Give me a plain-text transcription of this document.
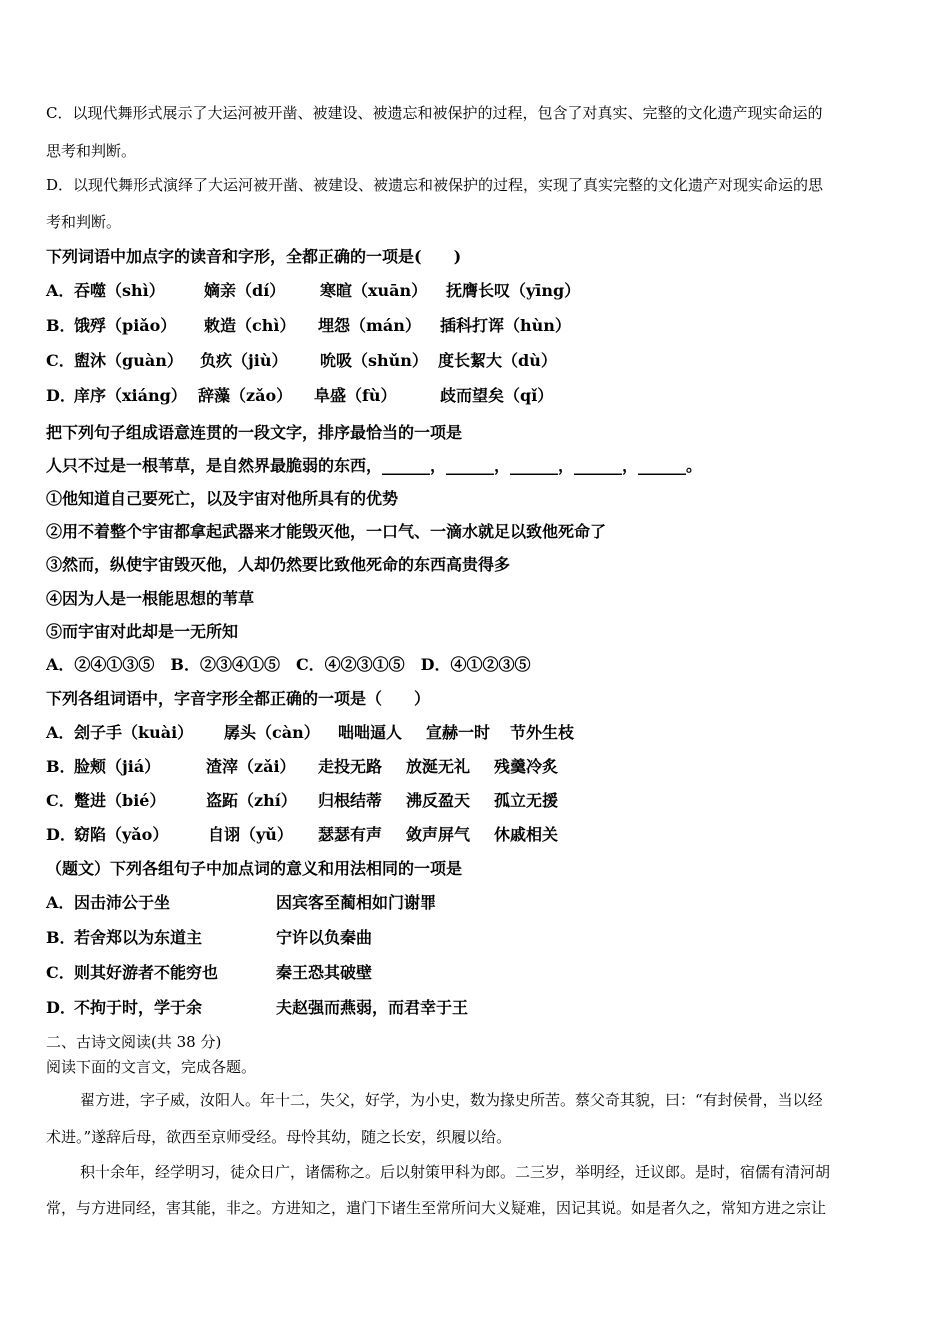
C．以现代舞形式展示了大运河被开凿、被建设、被遗忘和被保护的过程，包含了对真实、完整的文化遗产现实命运的
思考和判断。
D．以现代舞形式演绎了大运河被开凿、被建设、被遗忘和被保护的过程，实现了真实完整的文化遗产对现实命运的思
考和判断。
下列词语中加点字的读音和字形，全都正确的一项是(　　)
A．吞噬（shì） 嫡亲（dí） 寒暄（xuān） 抚膺长叹（yīng）
B．饿殍（piǎo） 敕造（chì） 埋怨（mán） 插科打诨（hùn）
C．盥沐（guàn） 负疚（jiù） 吮吸（shǔn） 度长絜大（dù）
D．庠序（xiáng） 辞藻（zǎo） 阜盛（fù）	歧而望矣（qǐ）
把下列句子组成语意连贯的一段文字，排序最恰当的一项是
人只不过是一根苇草，是自然界最脆弱的东西，______，______，______，______，______。
①他知道自己要死亡，以及宇宙对他所具有的优势
②用不着整个宇宙都拿起武器来才能毁灭他，一口气、一滴水就足以致他死命了
③然而，纵使宇宙毁灭他，人却仍然要比致他死命的东西高贵得多
④因为人是一根能思想的苇草
⑤而宇宙对此却是一无所知
A．②④①③⑤　B．②③④①⑤　C．④②③①⑤　D．④①②③⑤
下列各组词语中，字音字形全都正确的一项是（　　）
A．刽子手（kuài） 孱头（càn） 咄咄逼人 宣赫一时 节外生枝
B．脸颊（jiá）	渣滓（zǎi） 走投无路 放涎无礼 残羹冷炙
C．蹩进（bié）	盗跖（zhí） 归根结蒂 沸反盈天 孤立无援
D．窈陷（yǎo） 自诩（yǔ） 瑟瑟有声 敛声屏气 休戚相关
（题文）下列各组句子中加点词的意义和用法相同的一项是
A．因击沛公于坐	因宾客至蔺相如门谢罪
B．若舍郑以为东道主	宁许以负秦曲
C．则其好游者不能穷也	秦王恐其破壁
D．不拘于时，学于余	夫赵强而燕弱，而君幸于王
二、古诗文阅读(共 38 分)
阅读下面的文言文，完成各题。
翟方进，字子威，汝阳人。年十二，失父，好学，为小史，数为掾史所苦。蔡父奇其貌，曰：“有封侯骨，当以经
术进。”遂辞后母，欲西至京师受经。母怜其幼，随之长安，织履以给。
积十余年，经学明习，徒众日广，诸儒称之。后以射策甲科为郎。二三岁，举明经，迁议郎。是时，宿儒有清河胡
常，与方进同经，害其能，非之。方进知之，遣门下诸生至常所问大义疑难，因记其说。如是者久之，常知方进之宗让
